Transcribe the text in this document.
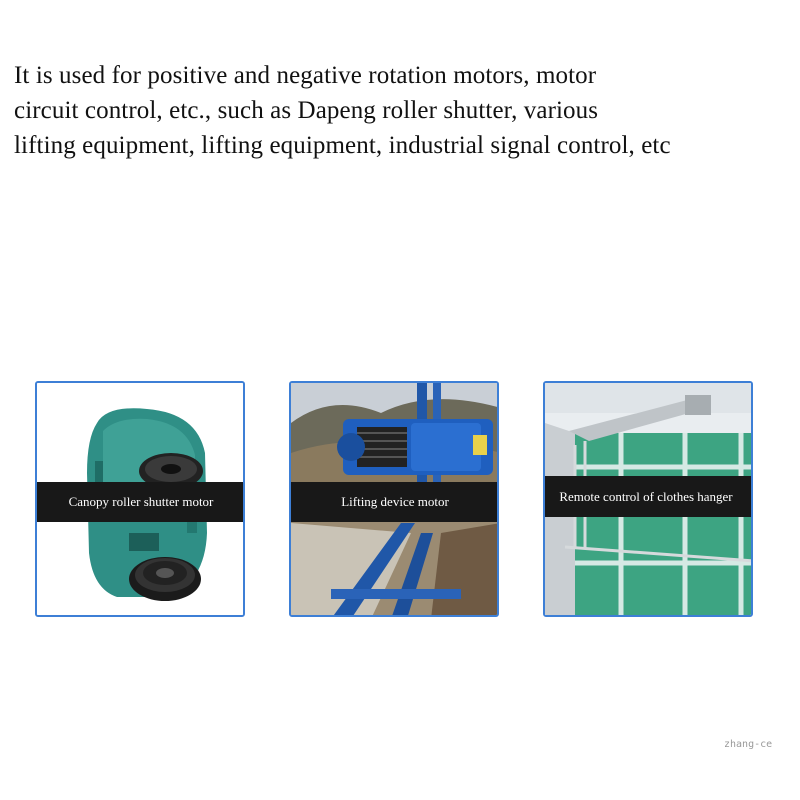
It is used for positive and negative rotation motors, motor
circuit control, etc., such as Dapeng roller shutter, various
lifting equipment, lifting equipment, industrial signal control, etc

Canopy roller shutter motor	Lifting device motor	Remote control of clothes hanger
zhang-ce
